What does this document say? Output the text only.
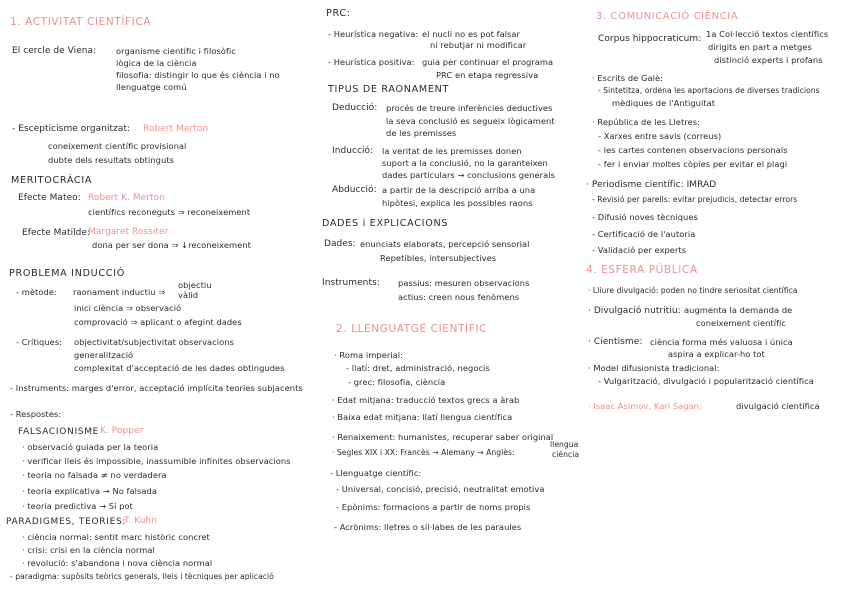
1. ACTIVITAT CIENTÍFICA
El cercle de Viena: organisme científic i filosòfic
lògica de la ciència
filosofia: distingir lo que és ciència i no
llenguatge comú
- Escepticisme organitzat: Robert Merton
coneixement científic provisional
dubte dels resultats obtinguts
MERITOCRÀCIA
Efecte Mateo: Robert K. Merton
científics reconeguts ⇒ reconeixement
Efecte Matilde:
Margaret Rossiter
dona per ser dona ⇒ ↓reconeixement
PROBLEMA INDUCCIÓ
- mètode: raonament inductiu ⇒
objectiu
vàlid
inici ciència ⇒ observació
comprovació ⇒ aplicant o afegint dades
- Crítiques: objectivitat/subjectivitat observacions
generalització
complexitat d'acceptació de les dades obtingudes
- Instruments: marges d'error, acceptació implícita teories subjacents
- Respostes:
FALSACIONISME K. Popper
· observació guiada per la teoria
· verificar lleis és impossible, inassumible infinites observacions
· teoria no falsada ≠ no verdadera
· teoria explicativa → No falsada
· teoria predictiva → Sí pot
PARADIGMES, TEORIES:
T. Kuhn
· ciència normal: sentit marc històric concret
· crisi: crisi en la ciència normal
· revolució: s'abandona i nova ciència normal
- paradigma: supòsits teòrics generals, lleis i tècniques per aplicació
PRC:
- Heurística negativa: el nucli no es pot falsar
ni rebutjar ni modificar
- Heurística positiva: guia per continuar el programa
PRC en etapa regressiva
TIPUS DE RAONAMENT
Deducció: procés de treure inferències deductives
la seva conclusió es segueix lògicament
de les premisses
Inducció: la veritat de les premisses donen
suport a la conclusió, no la garanteixen
dades particulars → conclusions generals
Abducció: a partir de la descripció arriba a una
hipòtesi, explica les possibles raons
DADES i EXPLICACIONS
Dades: enunciats elaborats, percepció sensorial
Repetibles, intersubjectives
Instruments: passius: mesuren observacions
actius: creen nous fenòmens
2. LLENGUATGE CIENTÍFIC
· Roma imperial:
- llatí: dret, administració, negocis
- grec: filosofia, ciència
· Edat mitjana: traducció textos grecs a àrab
· Baixa edat mitjana: llatí llengua científica
· Renaixement: humanistes, recuperar saber original
· Segles XIX i XX: Francès → Alemany → Anglès:
llengua
ciència
- Llenguatge científic:
- Universal, concisió, precisió, neutralitat emotiva
- Epònims: formacions a partir de noms propis
- Acrònims: lletres o síl·labes de les paraules
3. COMUNICACIÓ CIÈNCIA
Corpus hippocraticum: 1a Col·lecció textos científics
dirigits en part a metges
distinció experts i profans
· Escrits de Galè:
- Sintetitza, ordena les aportacions de diverses tradicions
mèdiques de l'Antiguitat
· República de les Lletres:
- Xarxes entre savis (correus)
- les cartes contenen observacions personals
- fer i enviar moltes còpies per evitar el plagi
· Periodisme científic: IMRAD
- Revisió per parells: evitar prejudicis, detectar errors
- Difusió noves tècniques
- Certificació de l'autoria
- Validació per experts
4. ESFERA PÚBLICA
· Lliure divulgació: poden no tindre seriositat científica
· Divulgació nutritiu: augmenta la demanda de
coneixement científic
· Cientisme: ciència forma més valuosa i única
aspira a explicar-ho tot
· Model difusionista tradicional:
- Vulgarització, divulgació i popularització científica
· Isaac Asimov, Karl Sagan:	divulgació científica
